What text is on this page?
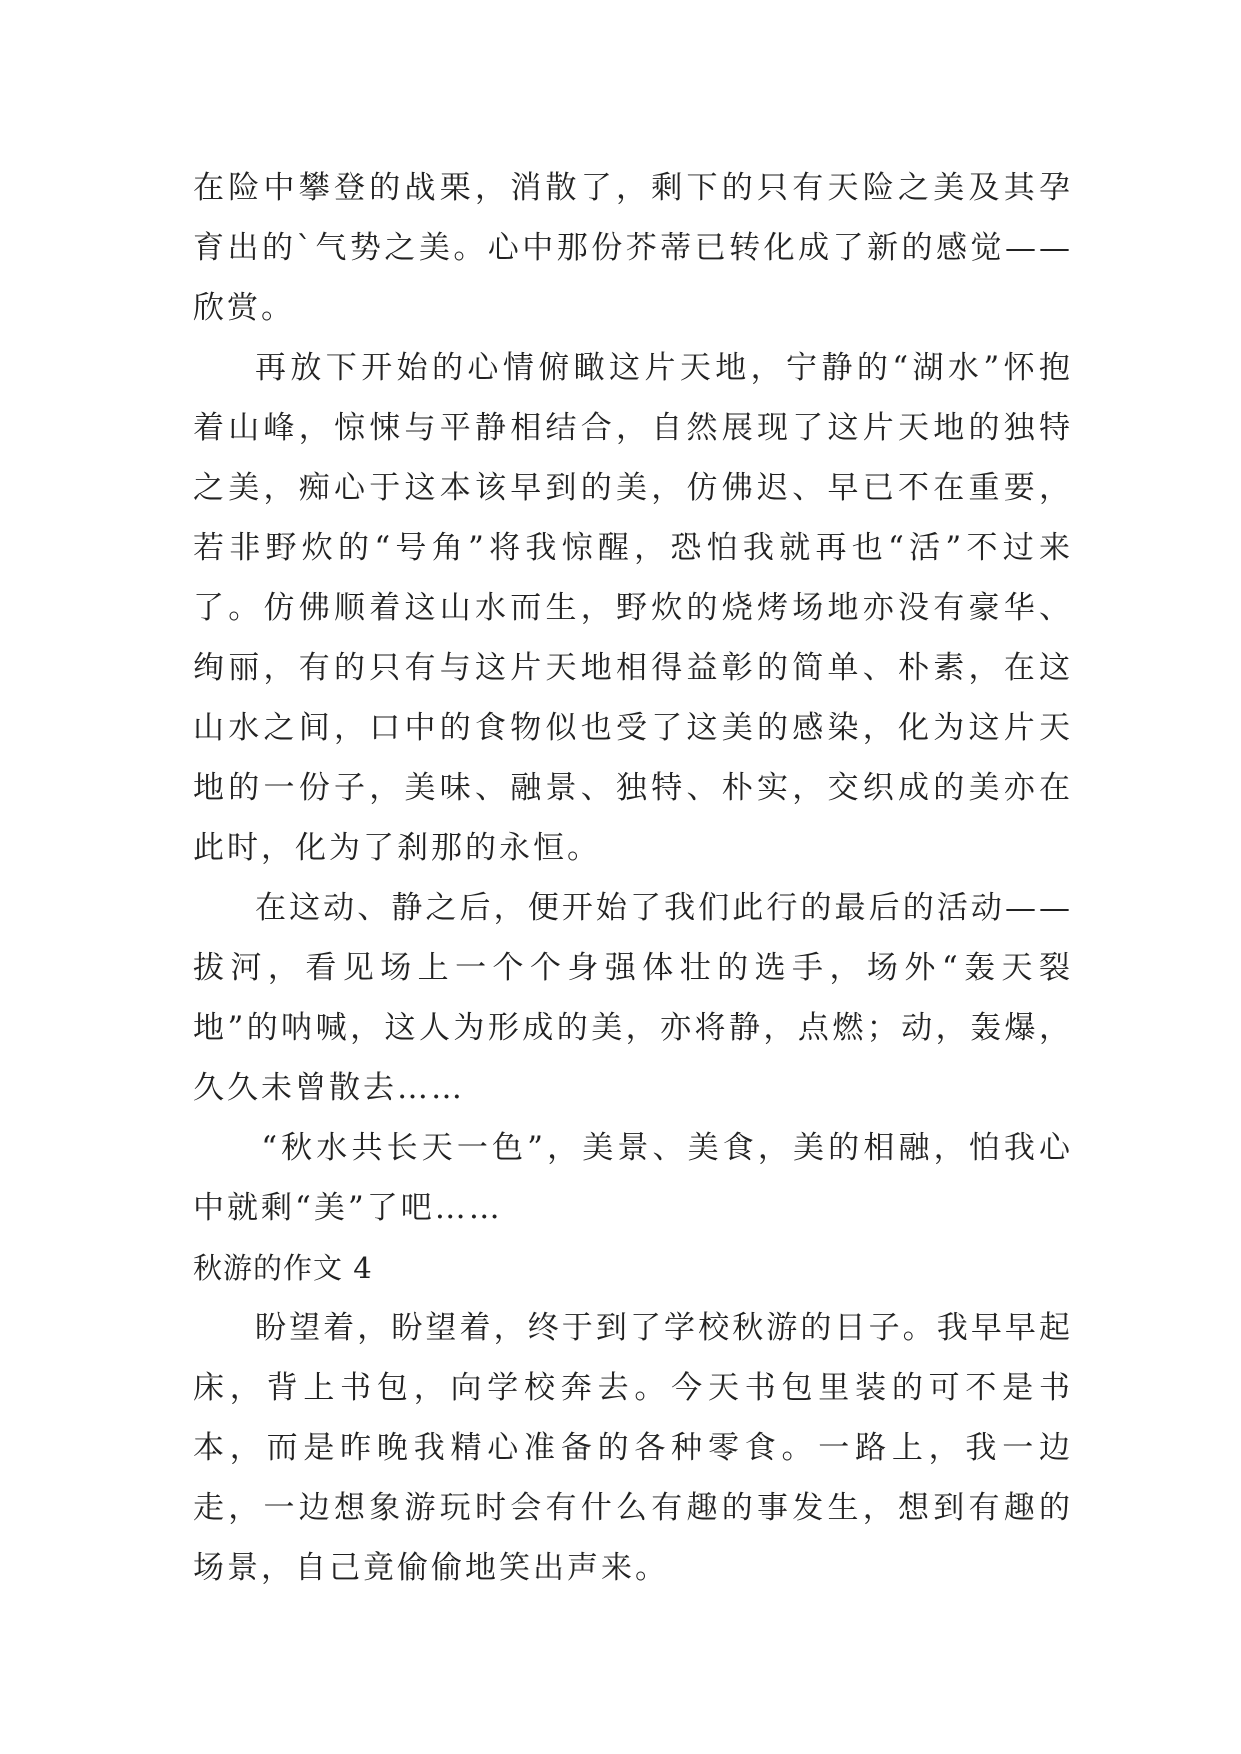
在险中攀登的战栗，消散了，剩下的只有天险之美及其孕育出的`气势之美。心中那份芥蒂已转化成了新的感觉——欣赏。

再放下开始的心情俯瞰这片天地，宁静的“湖水”怀抱着山峰，惊悚与平静相结合，自然展现了这片天地的独特之美，痴心于这本该早到的美，仿佛迟、早已不在重要，若非野炊的“号角”将我惊醒，恐怕我就再也“活”不过来了。仿佛顺着这山水而生，野炊的烧烤场地亦没有豪华、绚丽，有的只有与这片天地相得益彰的简单、朴素，在这山水之间，口中的食物似也受了这美的感染，化为这片天地的一份子，美味、融景、独特、朴实，交织成的美亦在此时，化为了刹那的永恒。

在这动、静之后，便开始了我们此行的最后的活动——拔河，看见场上一个个身强体壮的选手，场外“轰天裂地”的呐喊，这人为形成的美，亦将静，点燃；动，轰爆，久久未曾散去……

“秋水共长天一色”，美景、美食，美的相融，怕我心中就剩“美”了吧……

秋游的作文 4

盼望着，盼望着，终于到了学校秋游的日子。我早早起床，背上书包，向学校奔去。今天书包里装的可不是书本，而是昨晚我精心准备的各种零食。一路上，我一边走，一边想象游玩时会有什么有趣的事发生，想到有趣的场景，自己竟偷偷地笑出声来。
